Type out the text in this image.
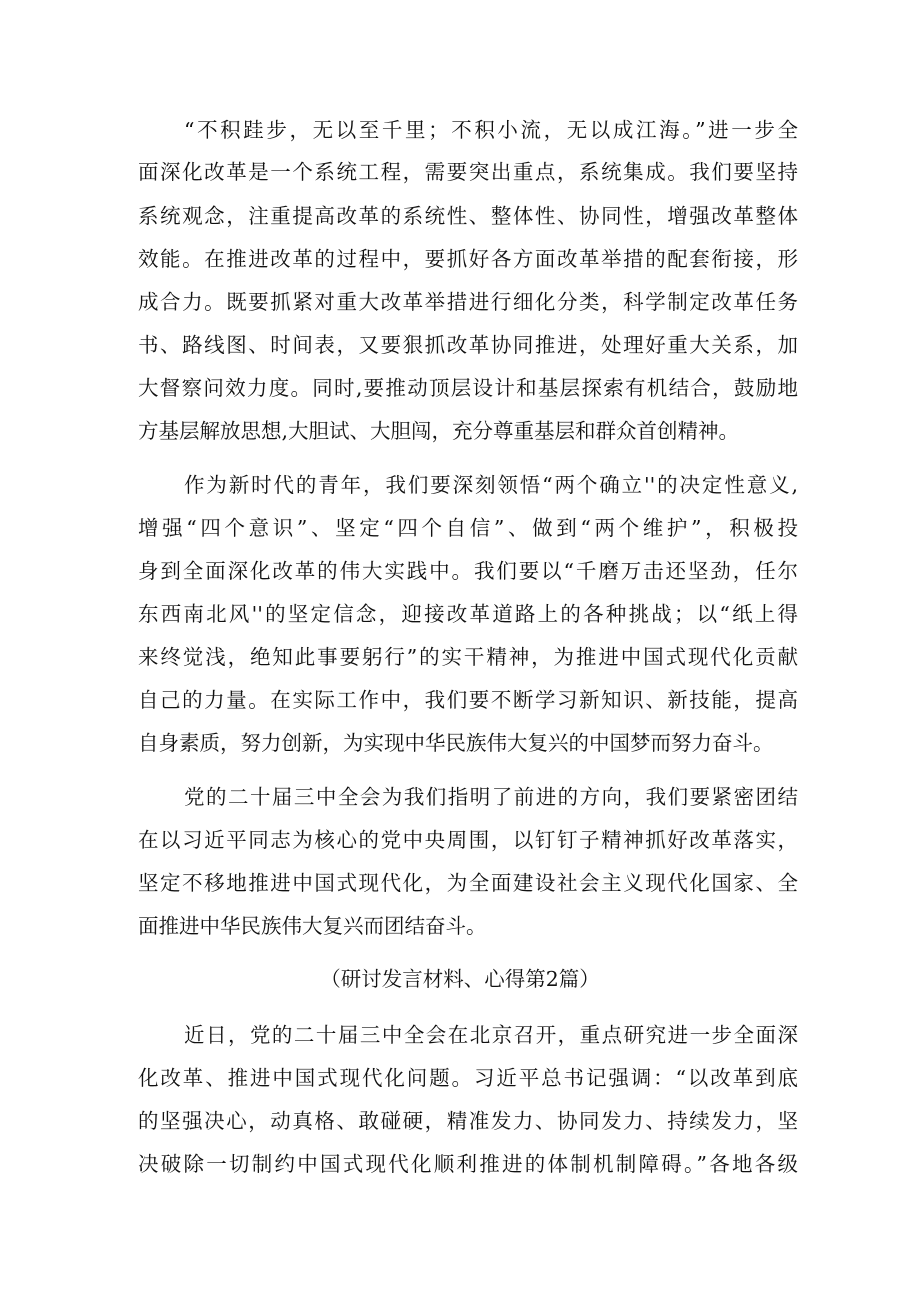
“不积跬步，无以至千里；不积小流，无以成江海。”进一步全
面深化改革是一个系统工程，需要突出重点，系统集成。我们要坚持
系统观念，注重提高改革的系统性、整体性、协同性，增强改革整体
效能。在推进改革的过程中，要抓好各方面改革举措的配套衔接，形
成合力。既要抓紧对重大改革举措进行细化分类，科学制定改革任务
书、路线图、时间表，又要狠抓改革协同推进，处理好重大关系，加
大督察问效力度。同时,要推动顶层设计和基层探索有机结合，鼓励地
方基层解放思想,大胆试、大胆闯，充分尊重基层和群众首创精神。
作为新时代的青年，我们要深刻领悟“两个确立''的决定性意义,
增强“四个意识”、坚定“四个自信”、做到“两个维护”，积极投
身到全面深化改革的伟大实践中。我们要以“千磨万击还坚劲，任尔
东西南北风''的坚定信念，迎接改革道路上的各种挑战；以“纸上得
来终觉浅，绝知此事要躬行”的实干精神，为推进中国式现代化贡献
自己的力量。在实际工作中，我们要不断学习新知识、新技能，提高
自身素质，努力创新，为实现中华民族伟大复兴的中国梦而努力奋斗。
党的二十届三中全会为我们指明了前进的方向，我们要紧密团结
在以习近平同志为核心的党中央周围，以钉钉子精神抓好改革落实，
坚定不移地推进中国式现代化，为全面建设社会主义现代化国家、全
面推进中华民族伟大复兴而团结奋斗。
（研讨发言材料、心得第2篇）
近日，党的二十届三中全会在北京召开，重点研究进一步全面深
化改革、推进中国式现代化问题。习近平总书记强调：“以改革到底
的坚强决心，动真格、敢碰硬，精准发力、协同发力、持续发力，坚
决破除一切制约中国式现代化顺利推进的体制机制障碍。”各地各级
